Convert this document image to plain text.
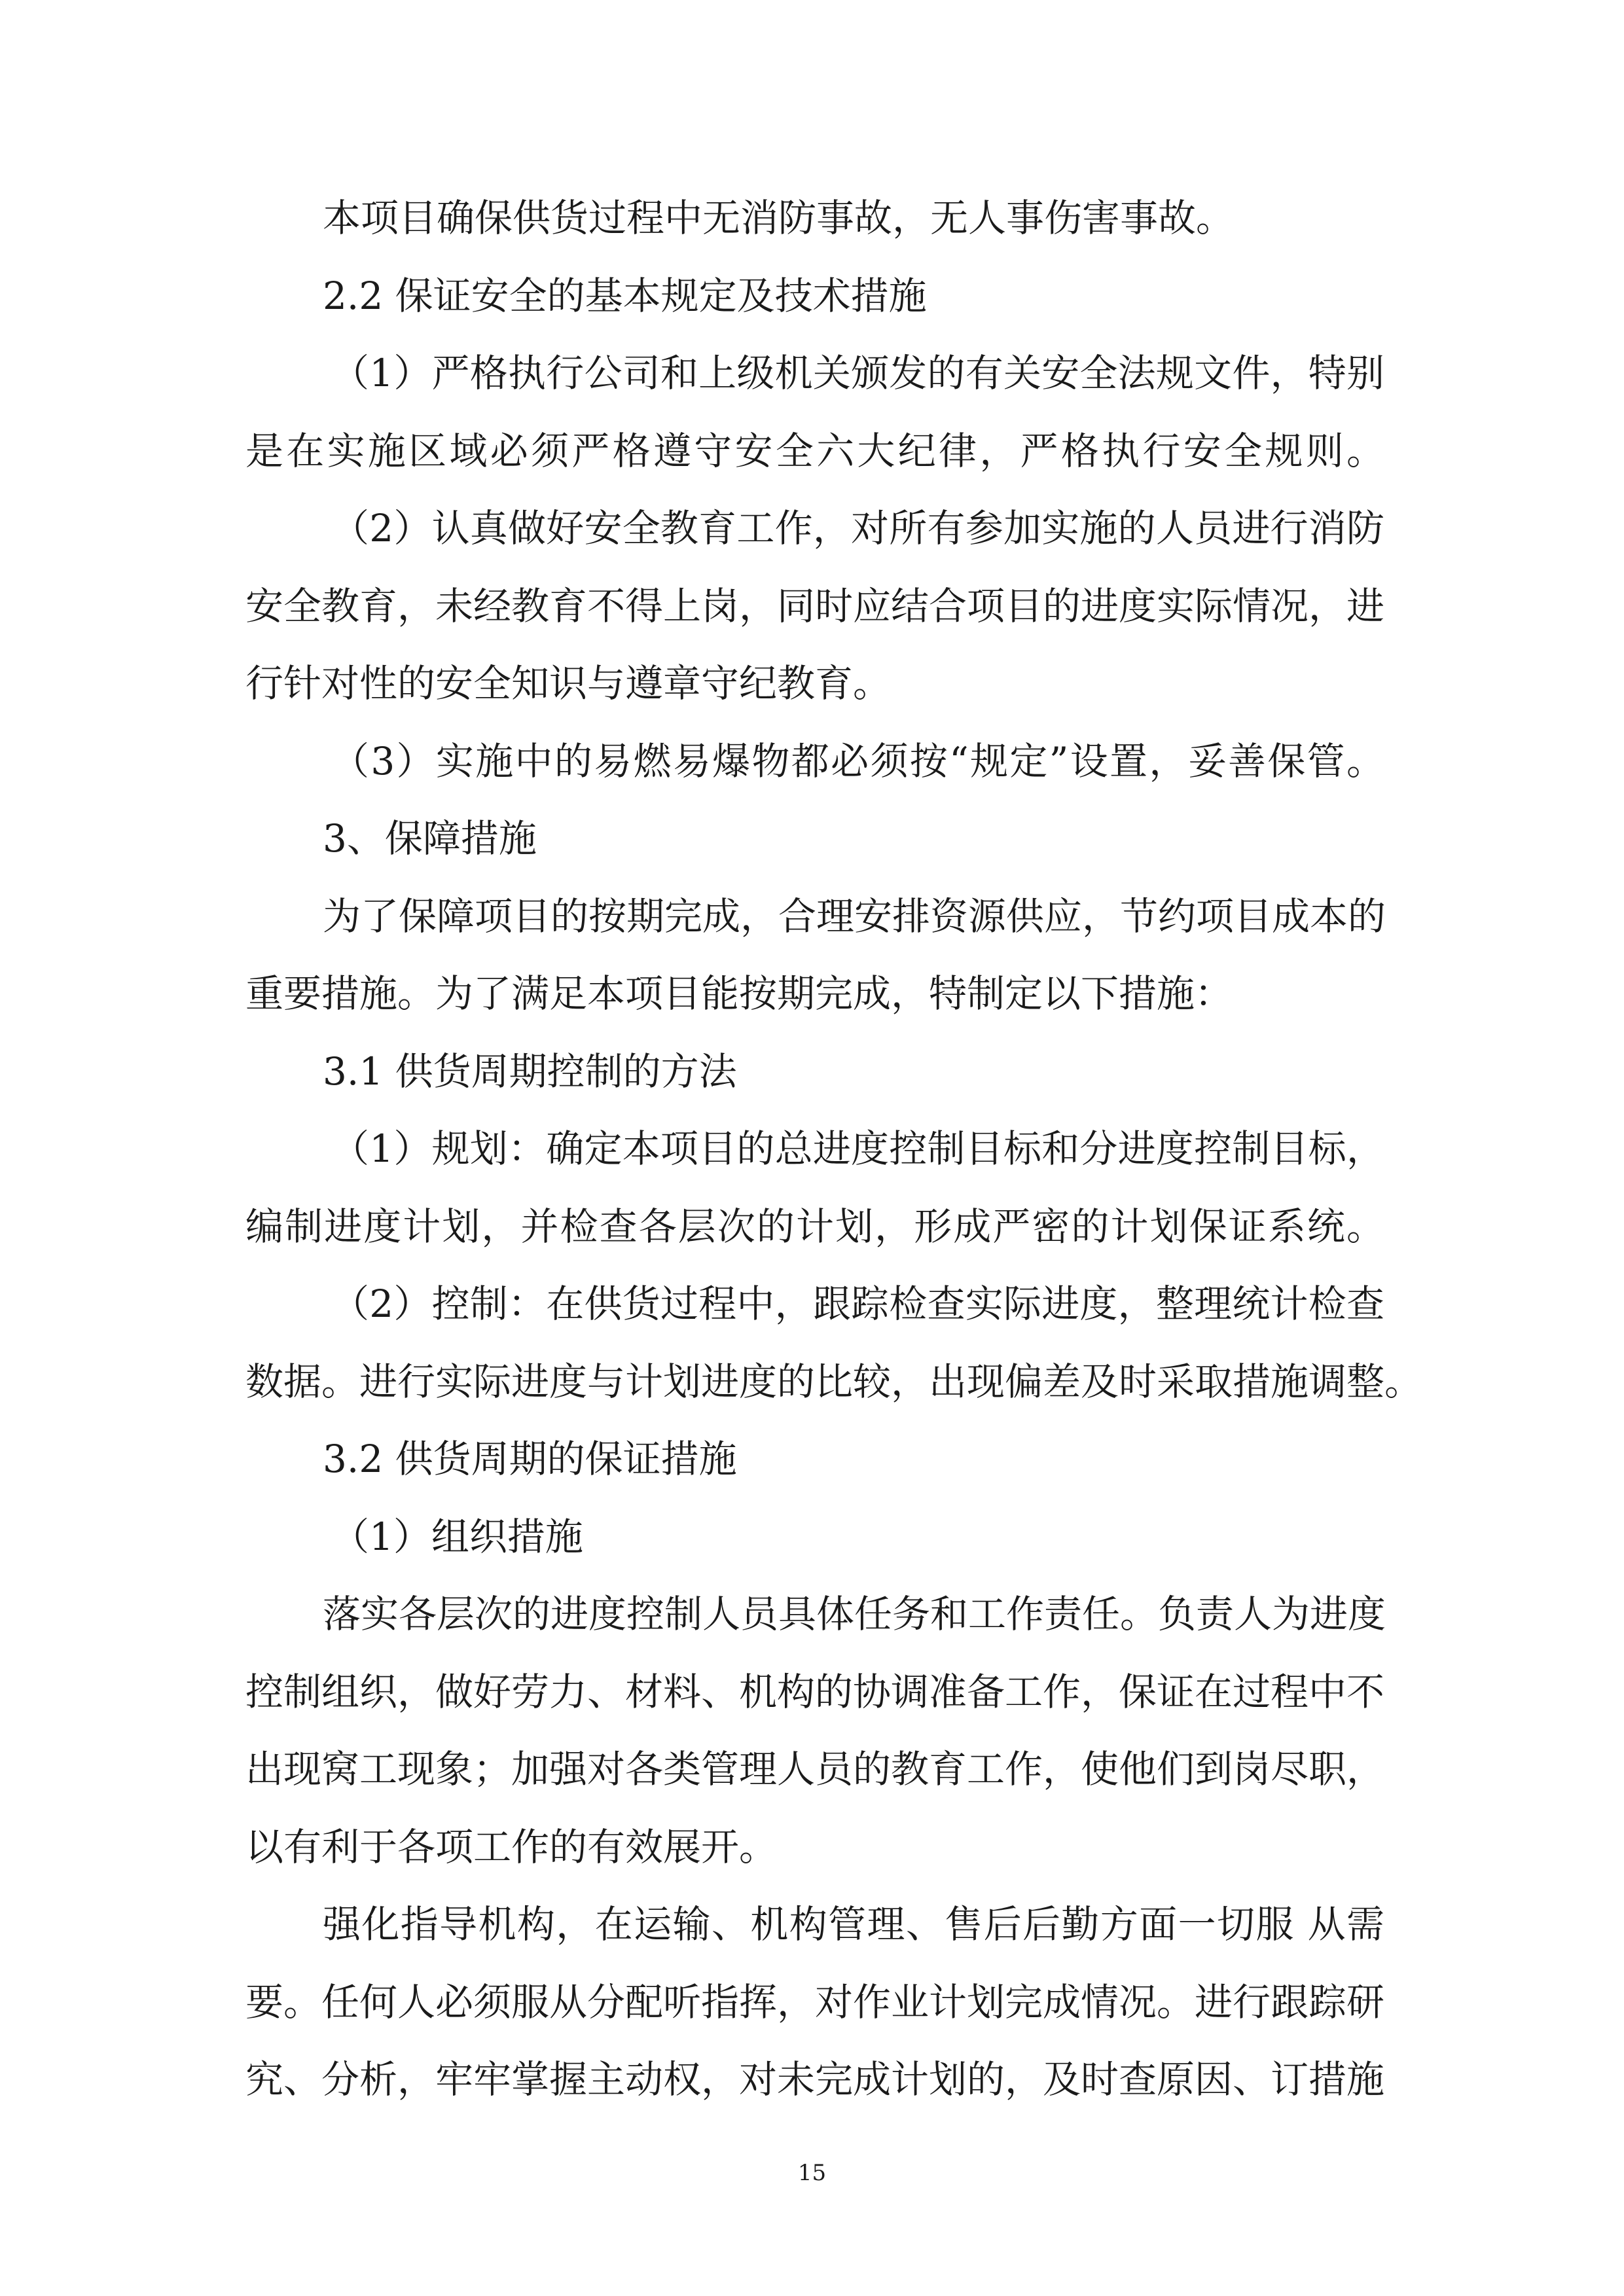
本项目确保供货过程中无消防事故，无人事伤害事故。
2.2 保证安全的基本规定及技术措施
（1）严格执行公司和上级机关颁发的有关安全法规文件，特别
是在实施区域必须严格遵守安全六大纪律，严格执行安全规则。
（2）认真做好安全教育工作，对所有参加实施的人员进行消防
安全教育，未经教育不得上岗，同时应结合项目的进度实际情况，进
行针对性的安全知识与遵章守纪教育。
（3）实施中的易燃易爆物都必须按“规定”设置，妥善保管。
3、保障措施
为了保障项目的按期完成，合理安排资源供应，节约项目成本的
重要措施。为了满足本项目能按期完成，特制定以下措施：
3.1 供货周期控制的方法
（1）规划：确定本项目的总进度控制目标和分进度控制目标，
编制进度计划，并检查各层次的计划，形成严密的计划保证系统。
（2）控制：在供货过程中，跟踪检查实际进度，整理统计检查
数据。进行实际进度与计划进度的比较，出现偏差及时采取措施调整。
3.2 供货周期的保证措施
（1）组织措施
落实各层次的进度控制人员具体任务和工作责任。负责人为进度
控制组织，做好劳力、材料、机构的协调准备工作，保证在过程中不
出现窝工现象；加强对各类管理人员的教育工作，使他们到岗尽职，
以有利于各项工作的有效展开。
强化指导机构，在运输、机构管理、售后后勤方面一切服 从需
要。任何人必须服从分配听指挥，对作业计划完成情况。进行跟踪研
究、分析，牢牢掌握主动权，对未完成计划的，及时查原因、订措施
15
